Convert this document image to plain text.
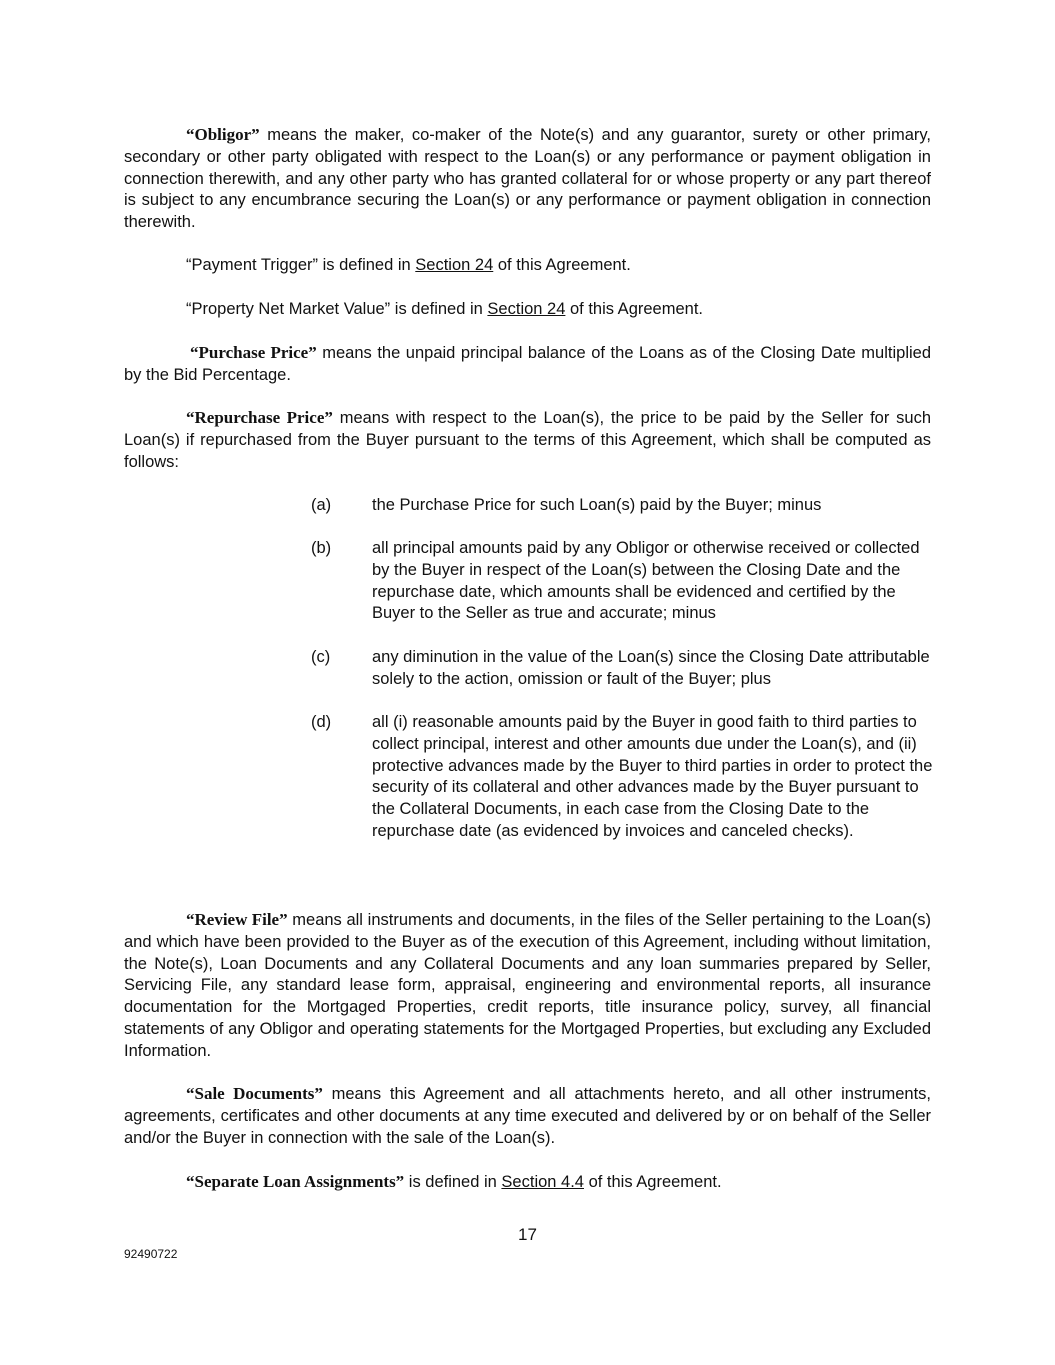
“Obligor” means the maker, co-maker of the Note(s) and any guarantor, surety or other primary, secondary or other party obligated with respect to the Loan(s) or any performance or payment obligation in connection therewith, and any other party who has granted collateral for or whose property or any part thereof is subject to any encumbrance securing the Loan(s) or any performance or payment obligation in connection therewith.

“Payment Trigger” is defined in Section 24 of this Agreement.

“Property Net Market Value” is defined in Section 24 of this Agreement.

“Purchase Price” means the unpaid principal balance of the Loans as of the Closing Date multiplied by the Bid Percentage.

“Repurchase Price” means with respect to the Loan(s), the price to be paid by the Seller for such Loan(s) if repurchased from the Buyer pursuant to the terms of this Agreement, which shall be computed as follows:

(a)	the Purchase Price for such Loan(s) paid by the Buyer; minus
(b)	all principal amounts paid by any Obligor or otherwise received or collected by the Buyer in respect of the Loan(s) between the Closing Date and the repurchase date, which amounts shall be evidenced and certified by the Buyer to the Seller as true and accurate; minus
(c)	any diminution in the value of the Loan(s) since the Closing Date attributable solely to the action, omission or fault of the Buyer; plus
(d)	all (i) reasonable amounts paid by the Buyer in good faith to third parties to collect principal, interest and other amounts due under the Loan(s), and (ii) protective advances made by the Buyer to third parties in order to protect the security of its collateral and other advances made by the Buyer pursuant to the Collateral Documents, in each case from the Closing Date to the repurchase date (as evidenced by invoices and canceled checks).

“Review File” means all instruments and documents, in the files of the Seller pertaining to the Loan(s) and which have been provided to the Buyer as of the execution of this Agreement, including without limitation, the Note(s), Loan Documents and any Collateral Documents and any loan summaries prepared by Seller, Servicing File, any standard lease form, appraisal, engineering and environmental reports, all insurance documentation for the Mortgaged Properties, credit reports, title insurance policy, survey, all financial statements of any Obligor and operating statements for the Mortgaged Properties, but excluding any Excluded Information.

“Sale Documents” means this Agreement and all attachments hereto, and all other instruments, agreements, certificates and other documents at any time executed and delivered by or on behalf of the Seller and/or the Buyer in connection with the sale of the Loan(s).

“Separate Loan Assignments” is defined in Section 4.4 of this Agreement.

17
92490722
